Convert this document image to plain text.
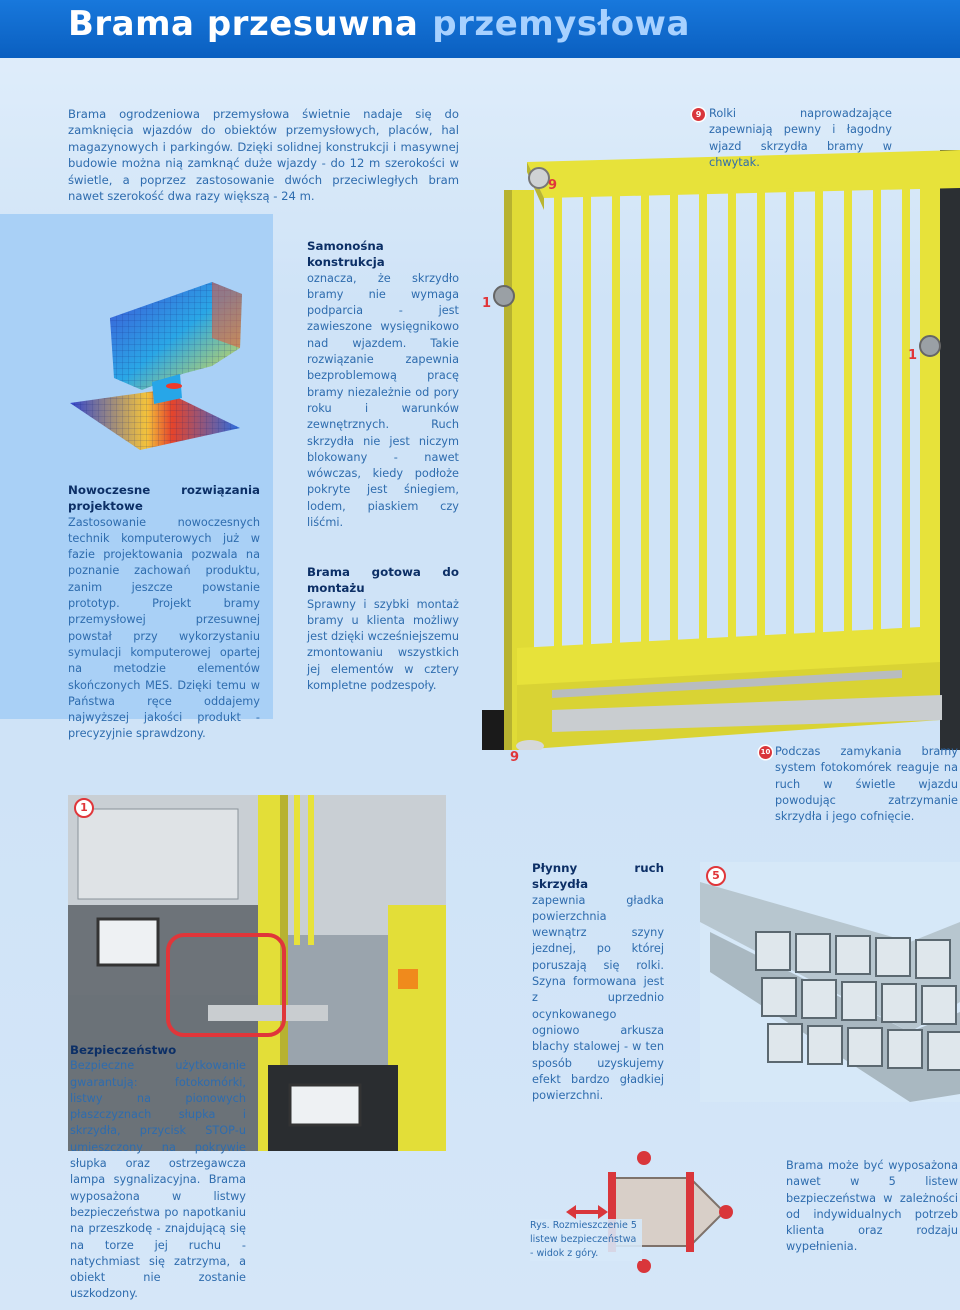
Brama przesuwna przemysłowa

Brama ogrodzeniowa przemysłowa świetnie nadaje się do zamknięcia wjazdów do obiektów przemysłowych, placów, hal magazynowych i parkingów. Dzięki solidnej konstrukcji i masywnej budowie można nią zamknąć duże wjazdy - do 12 m szerokości w świetle, a poprzez zastosowanie dwóch przeciwległych bram nawet szerokość dwa razy większą - 24 m.

Samonośna konstrukcja

oznacza, że skrzydło bramy nie wymaga podparcia - jest zawieszone wysięgnikowo nad wjazdem. Takie rozwiązanie zapewnia bezproblemową pracę bramy niezależnie od pory roku i warunków zewnętrznych. Ruch skrzydła nie jest niczym blokowany - nawet wówczas, kiedy podłoże pokryte jest śniegiem, lodem, piaskiem czy liśćmi.

Nowoczesne rozwiązania projektowe

Zastosowanie nowoczesnych technik komputerowych już w fazie projektowania pozwala na poznanie zachowań produktu, zanim jeszcze powstanie prototyp. Projekt bramy przemysłowej przesuwnej powstał przy wykorzystaniu symulacji komputerowej opartej na metodzie elementów skończonych MES. Dzięki temu w Państwa ręce oddajemy najwyższej jakości produkt - precyzyjnie sprawdzony.

Brama gotowa do montażu

Sprawny i szybki montaż bramy u klienta możliwy jest dzięki wcześniejszemu zmontowaniu wszystkich jej elementów w cztery kompletne podzespoły.

9
1
1
9
9 Rolki naprowadzające zapewniają pewny i łagodny wjazd skrzydła bramy w chwytak.

10 Podczas zamykania bramy system fotokomórek reaguje na ruch w świetle wjazdu powodując zatrzymanie skrzydła i jego cofnięcie.

1

Bezpieczeństwo

Bezpieczne użytkowanie gwarantują: fotokomórki, listwy na pionowych płaszczyznach słupka i skrzydła, przycisk STOP-u umieszczony na pokrywie słupka oraz ostrzegawcza lampa sygnalizacyjna. Brama wyposażona w listwy bezpieczeństwa po napotkaniu na przeszkodę - znajdującą się na torze jej ruchu - natychmiast się zatrzyma, a obiekt nie zostanie uszkodzony.

Płynny ruch skrzydła

zapewnia gładka powierzchnia wewnątrz szyny jezdnej, po której poruszają się rolki. Szyna formowana jest z uprzednio ocynkowanego ogniowo arkusza blachy stalowej - w ten sposób uzyskujemy efekt bardzo gładkiej powierzchni.

5

Rys. Rozmieszczenie 5 listew bezpieczeństwa - widok z góry.

Brama może być wyposażona nawet w 5 listew bezpieczeństwa w zależności od indywidualnych potrzeb klienta oraz rodzaju wypełnienia.
